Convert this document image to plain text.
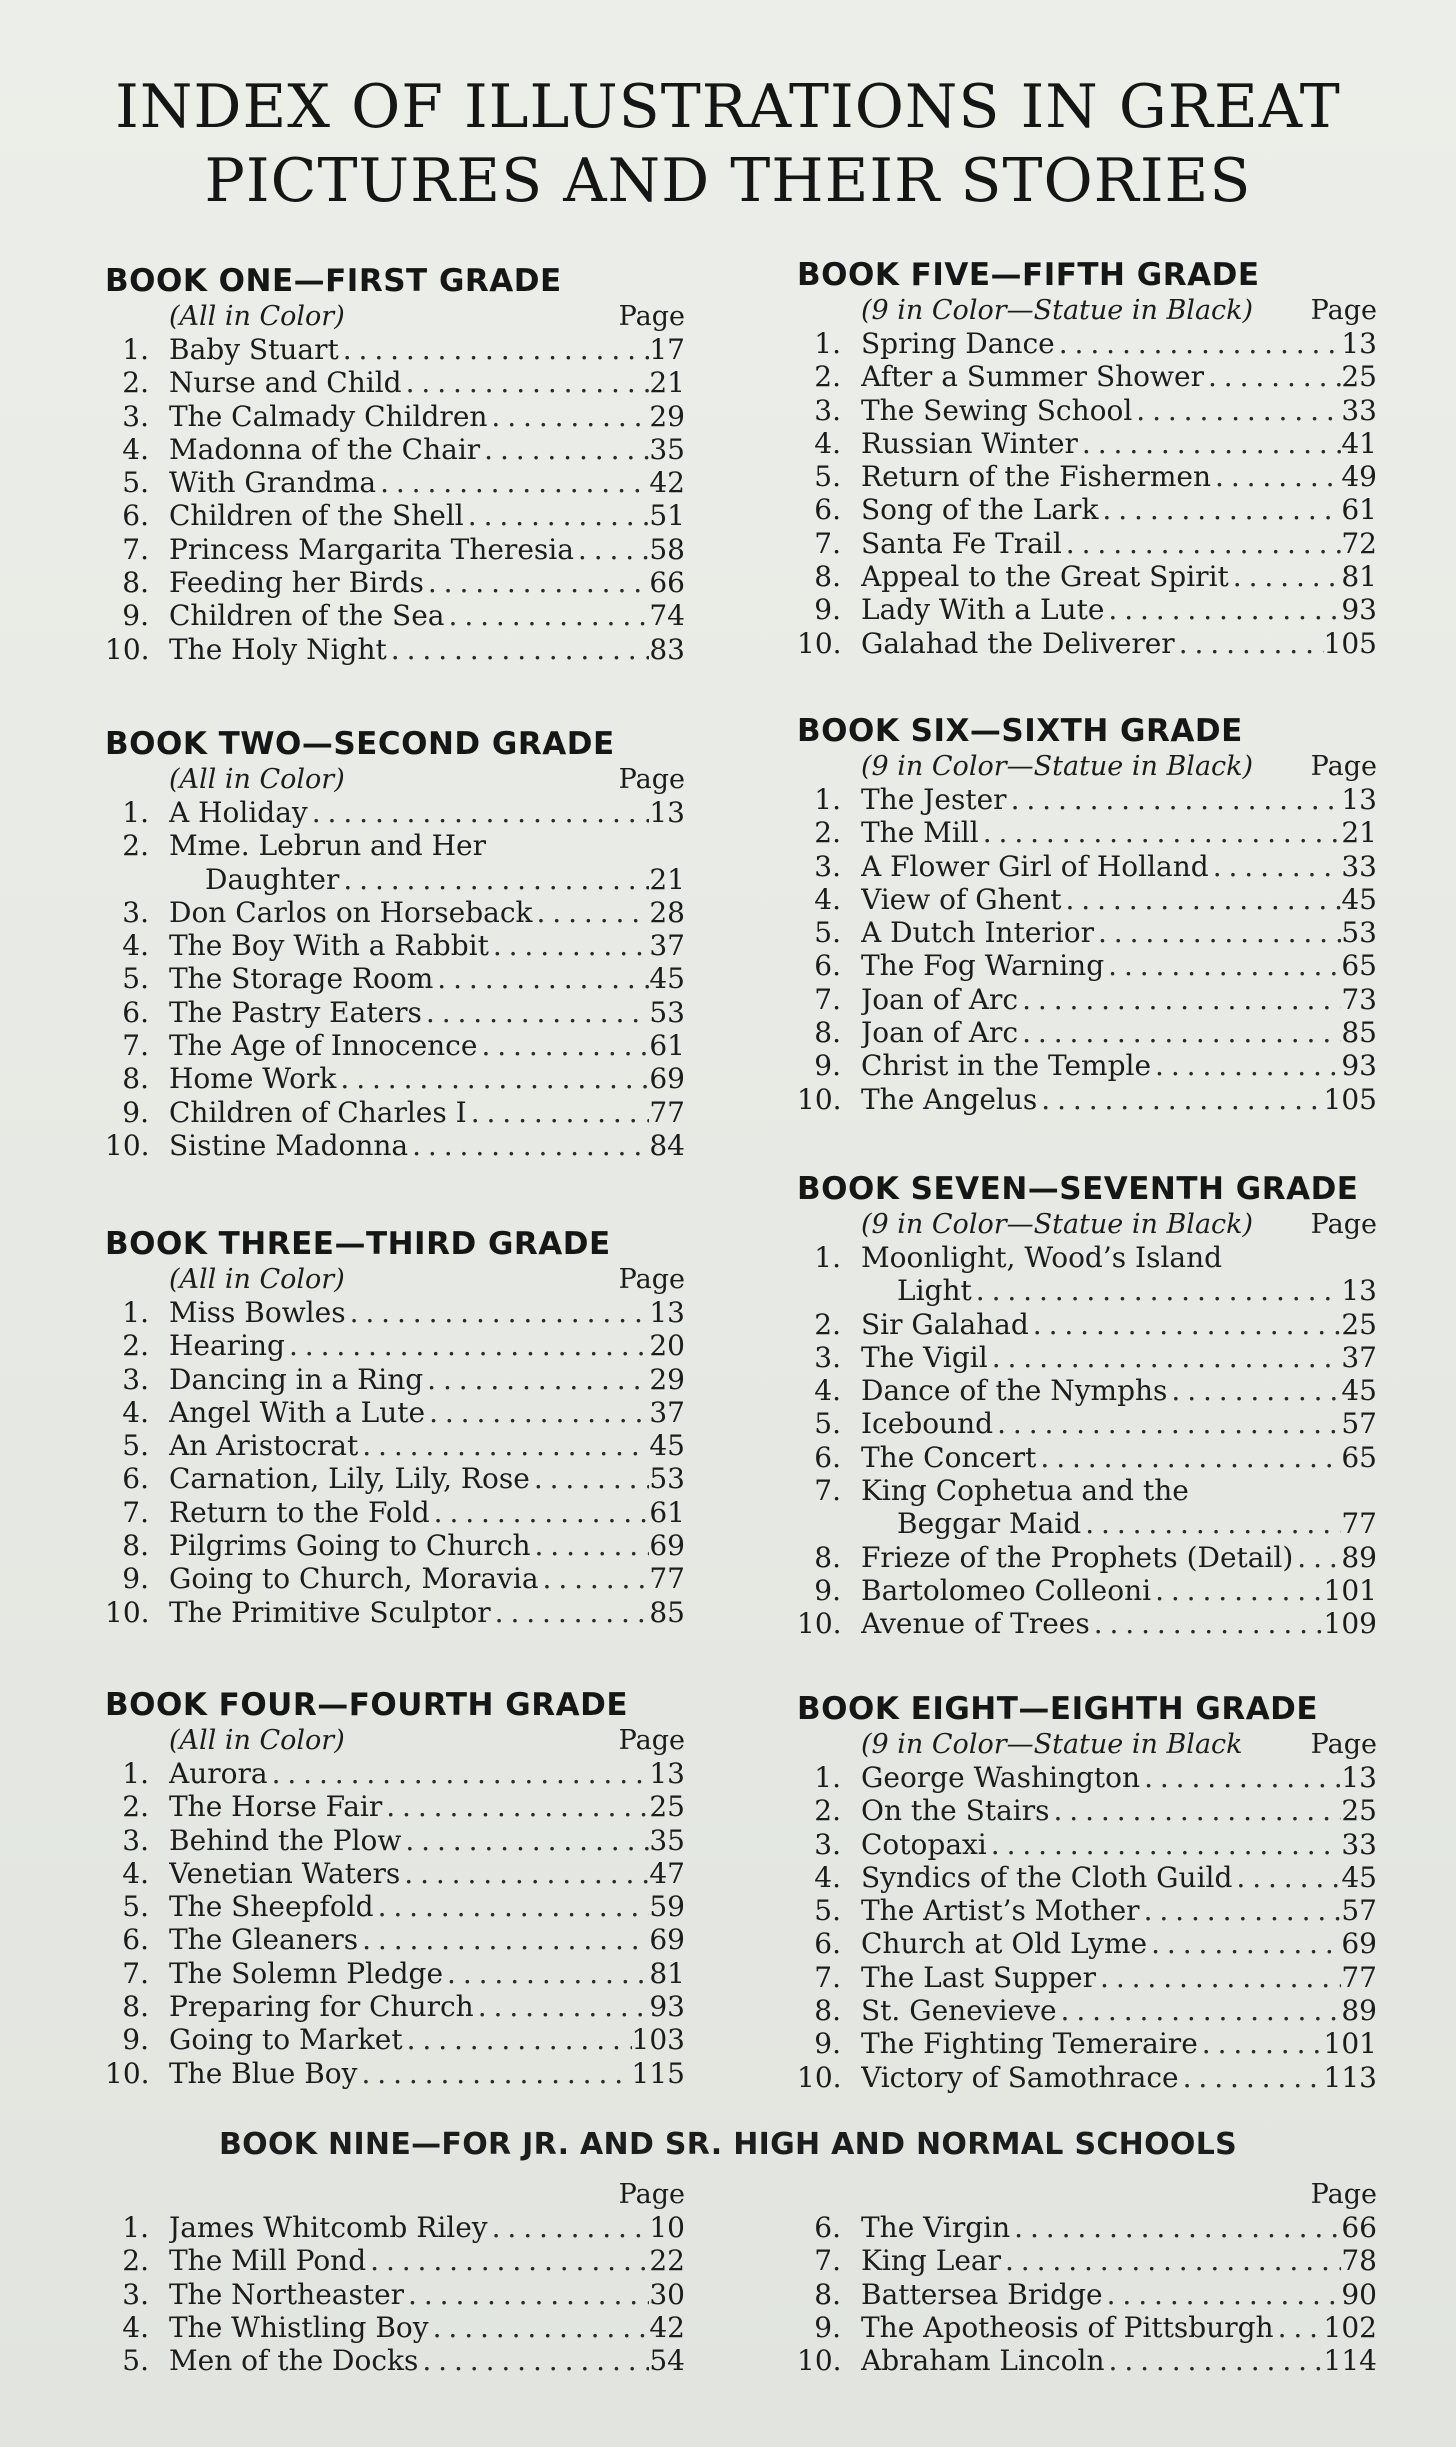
INDEX OF ILLUSTRATIONS IN GREAT
PICTURES AND THEIR STORIES
BOOK ONE—FIRST GRADE
(All in Color)	Page
1. Baby Stuart . . .	17
2. Nurse and Child . . .	21
3. The Calmady Children . . .	29
4. Madonna of the Chair . . .	35
5. With Grandma . . .	42
6. Children of the Shell . . .	51
7. Princess Margarita Theresia . . .	58
8. Feeding her Birds . . .	66
9. Children of the Sea . . .	74
10. The Holy Night . . .	83
BOOK TWO—SECOND GRADE
(All in Color)	Page
1. A Holiday . . .	13
2. Mme. Lebrun and Her
Daughter . . .	21
3. Don Carlos on Horseback . . .	28
4. The Boy With a Rabbit . . .	37
5. The Storage Room . . .	45
6. The Pastry Eaters . . .	53
7. The Age of Innocence . . .	61
8. Home Work . . .	69
9. Children of Charles I . . .	77
10. Sistine Madonna . . .	84
BOOK THREE—THIRD GRADE
(All in Color)	Page
1. Miss Bowles . . .	13
2. Hearing . . .	20
3. Dancing in a Ring . . .	29
4. Angel With a Lute . . .	37
5. An Aristocrat . . .	45
6. Carnation, Lily, Lily, Rose . . .	53
7. Return to the Fold . . .	61
8. Pilgrims Going to Church . . .	69
9. Going to Church, Moravia . . .	77
10. The Primitive Sculptor . . .	85
BOOK FOUR—FOURTH GRADE
(All in Color)	Page
1. Aurora . . .	13
2. The Horse Fair . . .	25
3. Behind the Plow . . .	35
4. Venetian Waters . . .	47
5. The Sheepfold . . .	59
6. The Gleaners . . .	69
7. The Solemn Pledge . . .	81
8. Preparing for Church . . .	93
9. Going to Market . . .	103
10. The Blue Boy . . .	115
BOOK FIVE—FIFTH GRADE
(9 in Color—Statue in Black) Page
1. Spring Dance . . .	13
2. After a Summer Shower . . .	25
3. The Sewing School . . .	33
4. Russian Winter . . .	41
5. Return of the Fishermen . . .	49
6. Song of the Lark . . .	61
7. Santa Fe Trail . . .	72
8. Appeal to the Great Spirit . . .	81
9. Lady With a Lute . . .	93
10. Galahad the Deliverer . . .	105
BOOK SIX—SIXTH GRADE
(9 in Color—Statue in Black) Page
1. The Jester . . .	13
2. The Mill . . .	21
3. A Flower Girl of Holland . . .	33
4. View of Ghent . . .	45
5. A Dutch Interior . . .	53
6. The Fog Warning . . .	65
7. Joan of Arc . . .	73
8. Joan of Arc . . .	85
9. Christ in the Temple . . .	93
10. The Angelus . . .	105
BOOK SEVEN—SEVENTH GRADE
(9 in Color—Statue in Black) Page
1. Moonlight, Wood’s Island
Light . . .	13
2. Sir Galahad . . .	25
3. The Vigil . . .	37
4. Dance of the Nymphs . . .	45
5. Icebound . . .	57
6. The Concert . . .	65
7. King Cophetua and the
Beggar Maid . . .	77
8. Frieze of the Prophets (Detail) . . . 89
9. Bartolomeo Colleoni . . .	101
10. Avenue of Trees . . .	109
BOOK EIGHT—EIGHTH GRADE
(9 in Color—Statue in Black	Page
1. George Washington . . .	13
2. On the Stairs . . .	25
3. Cotopaxi . . .	33
4. Syndics of the Cloth Guild . . .	45
5. The Artist’s Mother . . .	57
6. Church at Old Lyme . . .	69
7. The Last Supper . . .	77
8. St. Genevieve . . .	89
9. The Fighting Temeraire . . .	101
10. Victory of Samothrace . . .	113
BOOK NINE—FOR JR. AND SR. HIGH AND NORMAL SCHOOLS
Page
1. James Whitcomb Riley . . .	10
2. The Mill Pond . . .	22
3. The Northeaster . . .	30
4. The Whistling Boy . . .	42
5. Men of the Docks . . .	54
Page
6. The Virgin . . .	66
7. King Lear . . .	78
8. Battersea Bridge . . .	90
9. The Apotheosis of Pittsburgh . . . 102
10. Abraham Lincoln . . .	114
